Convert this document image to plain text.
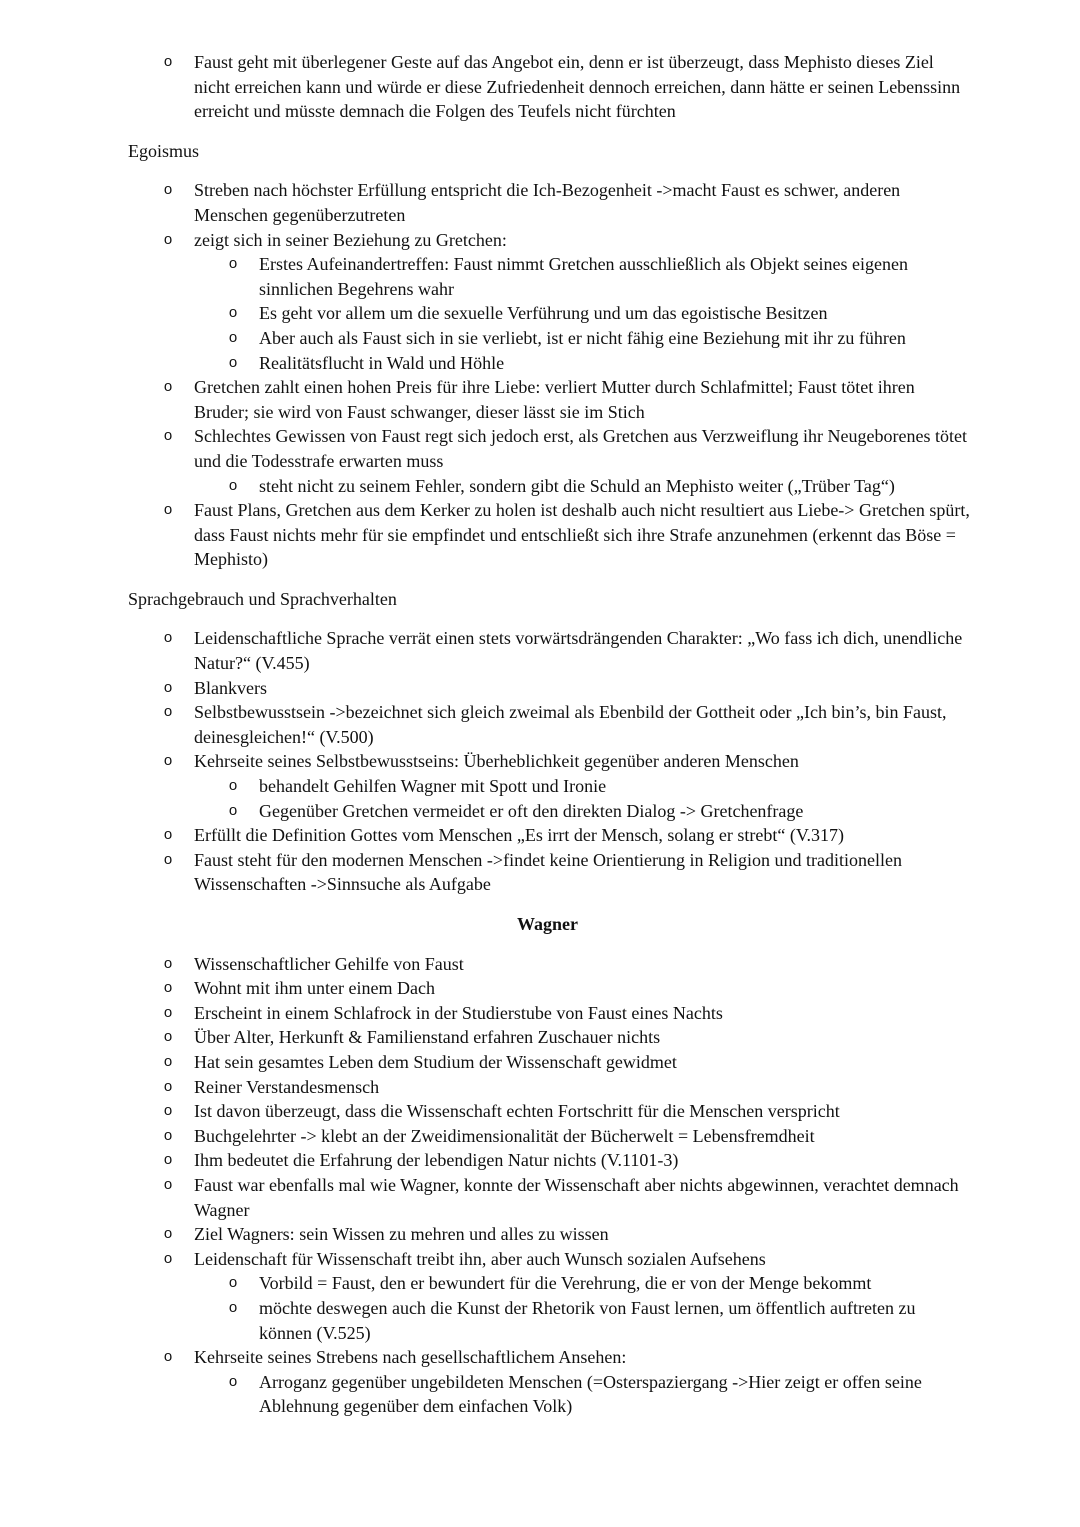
o Faust geht mit überlegener Geste auf das Angebot ein, denn er ist überzeugt, dass Mephisto dieses Ziel nicht erreichen kann und würde er diese Zufriedenheit dennoch erreichen, dann hätte er seinen Lebenssinn erreicht und müsste demnach die Folgen des Teufels nicht fürchten
Egoismus
o Streben nach höchster Erfüllung entspricht die Ich-Bezogenheit ->macht Faust es schwer, anderen Menschen gegenüberzutreten
o zeigt sich in seiner Beziehung zu Gretchen:
o Erstes Aufeinandertreffen: Faust nimmt Gretchen ausschließlich als Objekt seines eigenen sinnlichen Begehrens wahr
o Es geht vor allem um die sexuelle Verführung und um das egoistische Besitzen
o Aber auch als Faust sich in sie verliebt, ist er nicht fähig eine Beziehung mit ihr zu führen
o Realitätsflucht in Wald und Höhle
o Gretchen zahlt einen hohen Preis für ihre Liebe: verliert Mutter durch Schlafmittel; Faust tötet ihren Bruder; sie wird von Faust schwanger, dieser lässt sie im Stich
o Schlechtes Gewissen von Faust regt sich jedoch erst, als Gretchen aus Verzweiflung ihr Neugeborenes tötet und die Todesstrafe erwarten muss
o steht nicht zu seinem Fehler, sondern gibt die Schuld an Mephisto weiter („Trüber Tag“)
o Faust Plans, Gretchen aus dem Kerker zu holen ist deshalb auch nicht resultiert aus Liebe-> Gretchen spürt, dass Faust nichts mehr für sie empfindet und entschließt sich ihre Strafe anzunehmen (erkennt das Böse = Mephisto)
Sprachgebrauch und Sprachverhalten
o Leidenschaftliche Sprache verrät einen stets vorwärtsdrängenden Charakter: „Wo fass ich dich, unendliche Natur?“ (V.455)
o Blankvers
o Selbstbewusstsein ->bezeichnet sich gleich zweimal als Ebenbild der Gottheit oder „Ich bin’s, bin Faust, deinesgleichen!“ (V.500)
o Kehrseite seines Selbstbewusstseins: Überheblichkeit gegenüber anderen Menschen
o behandelt Gehilfen Wagner mit Spott und Ironie
o Gegenüber Gretchen vermeidet er oft den direkten Dialog -> Gretchenfrage
o Erfüllt die Definition Gottes vom Menschen „Es irrt der Mensch, solang er strebt“ (V.317)
o Faust steht für den modernen Menschen ->findet keine Orientierung in Religion und traditionellen Wissenschaften ->Sinnsuche als Aufgabe
Wagner
o Wissenschaftlicher Gehilfe von Faust
o Wohnt mit ihm unter einem Dach
o Erscheint in einem Schlafrock in der Studierstube von Faust eines Nachts
o Über Alter, Herkunft & Familienstand erfahren Zuschauer nichts
o Hat sein gesamtes Leben dem Studium der Wissenschaft gewidmet
o Reiner Verstandesmensch
o Ist davon überzeugt, dass die Wissenschaft echten Fortschritt für die Menschen verspricht
o Buchgelehrter -> klebt an der Zweidimensionalität der Bücherwelt = Lebensfremdheit
o Ihm bedeutet die Erfahrung der lebendigen Natur nichts (V.1101-3)
o Faust war ebenfalls mal wie Wagner, konnte der Wissenschaft aber nichts abgewinnen, verachtet demnach Wagner
o Ziel Wagners: sein Wissen zu mehren und alles zu wissen
o Leidenschaft für Wissenschaft treibt ihn, aber auch Wunsch sozialen Aufsehens
o Vorbild = Faust, den er bewundert für die Verehrung, die er von der Menge bekommt
o möchte deswegen auch die Kunst der Rhetorik von Faust lernen, um öffentlich auftreten zu können (V.525)
o Kehrseite seines Strebens nach gesellschaftlichem Ansehen:
o Arroganz gegenüber ungebildeten Menschen (=Osterspaziergang ->Hier zeigt er offen seine Ablehnung gegenüber dem einfachen Volk)
